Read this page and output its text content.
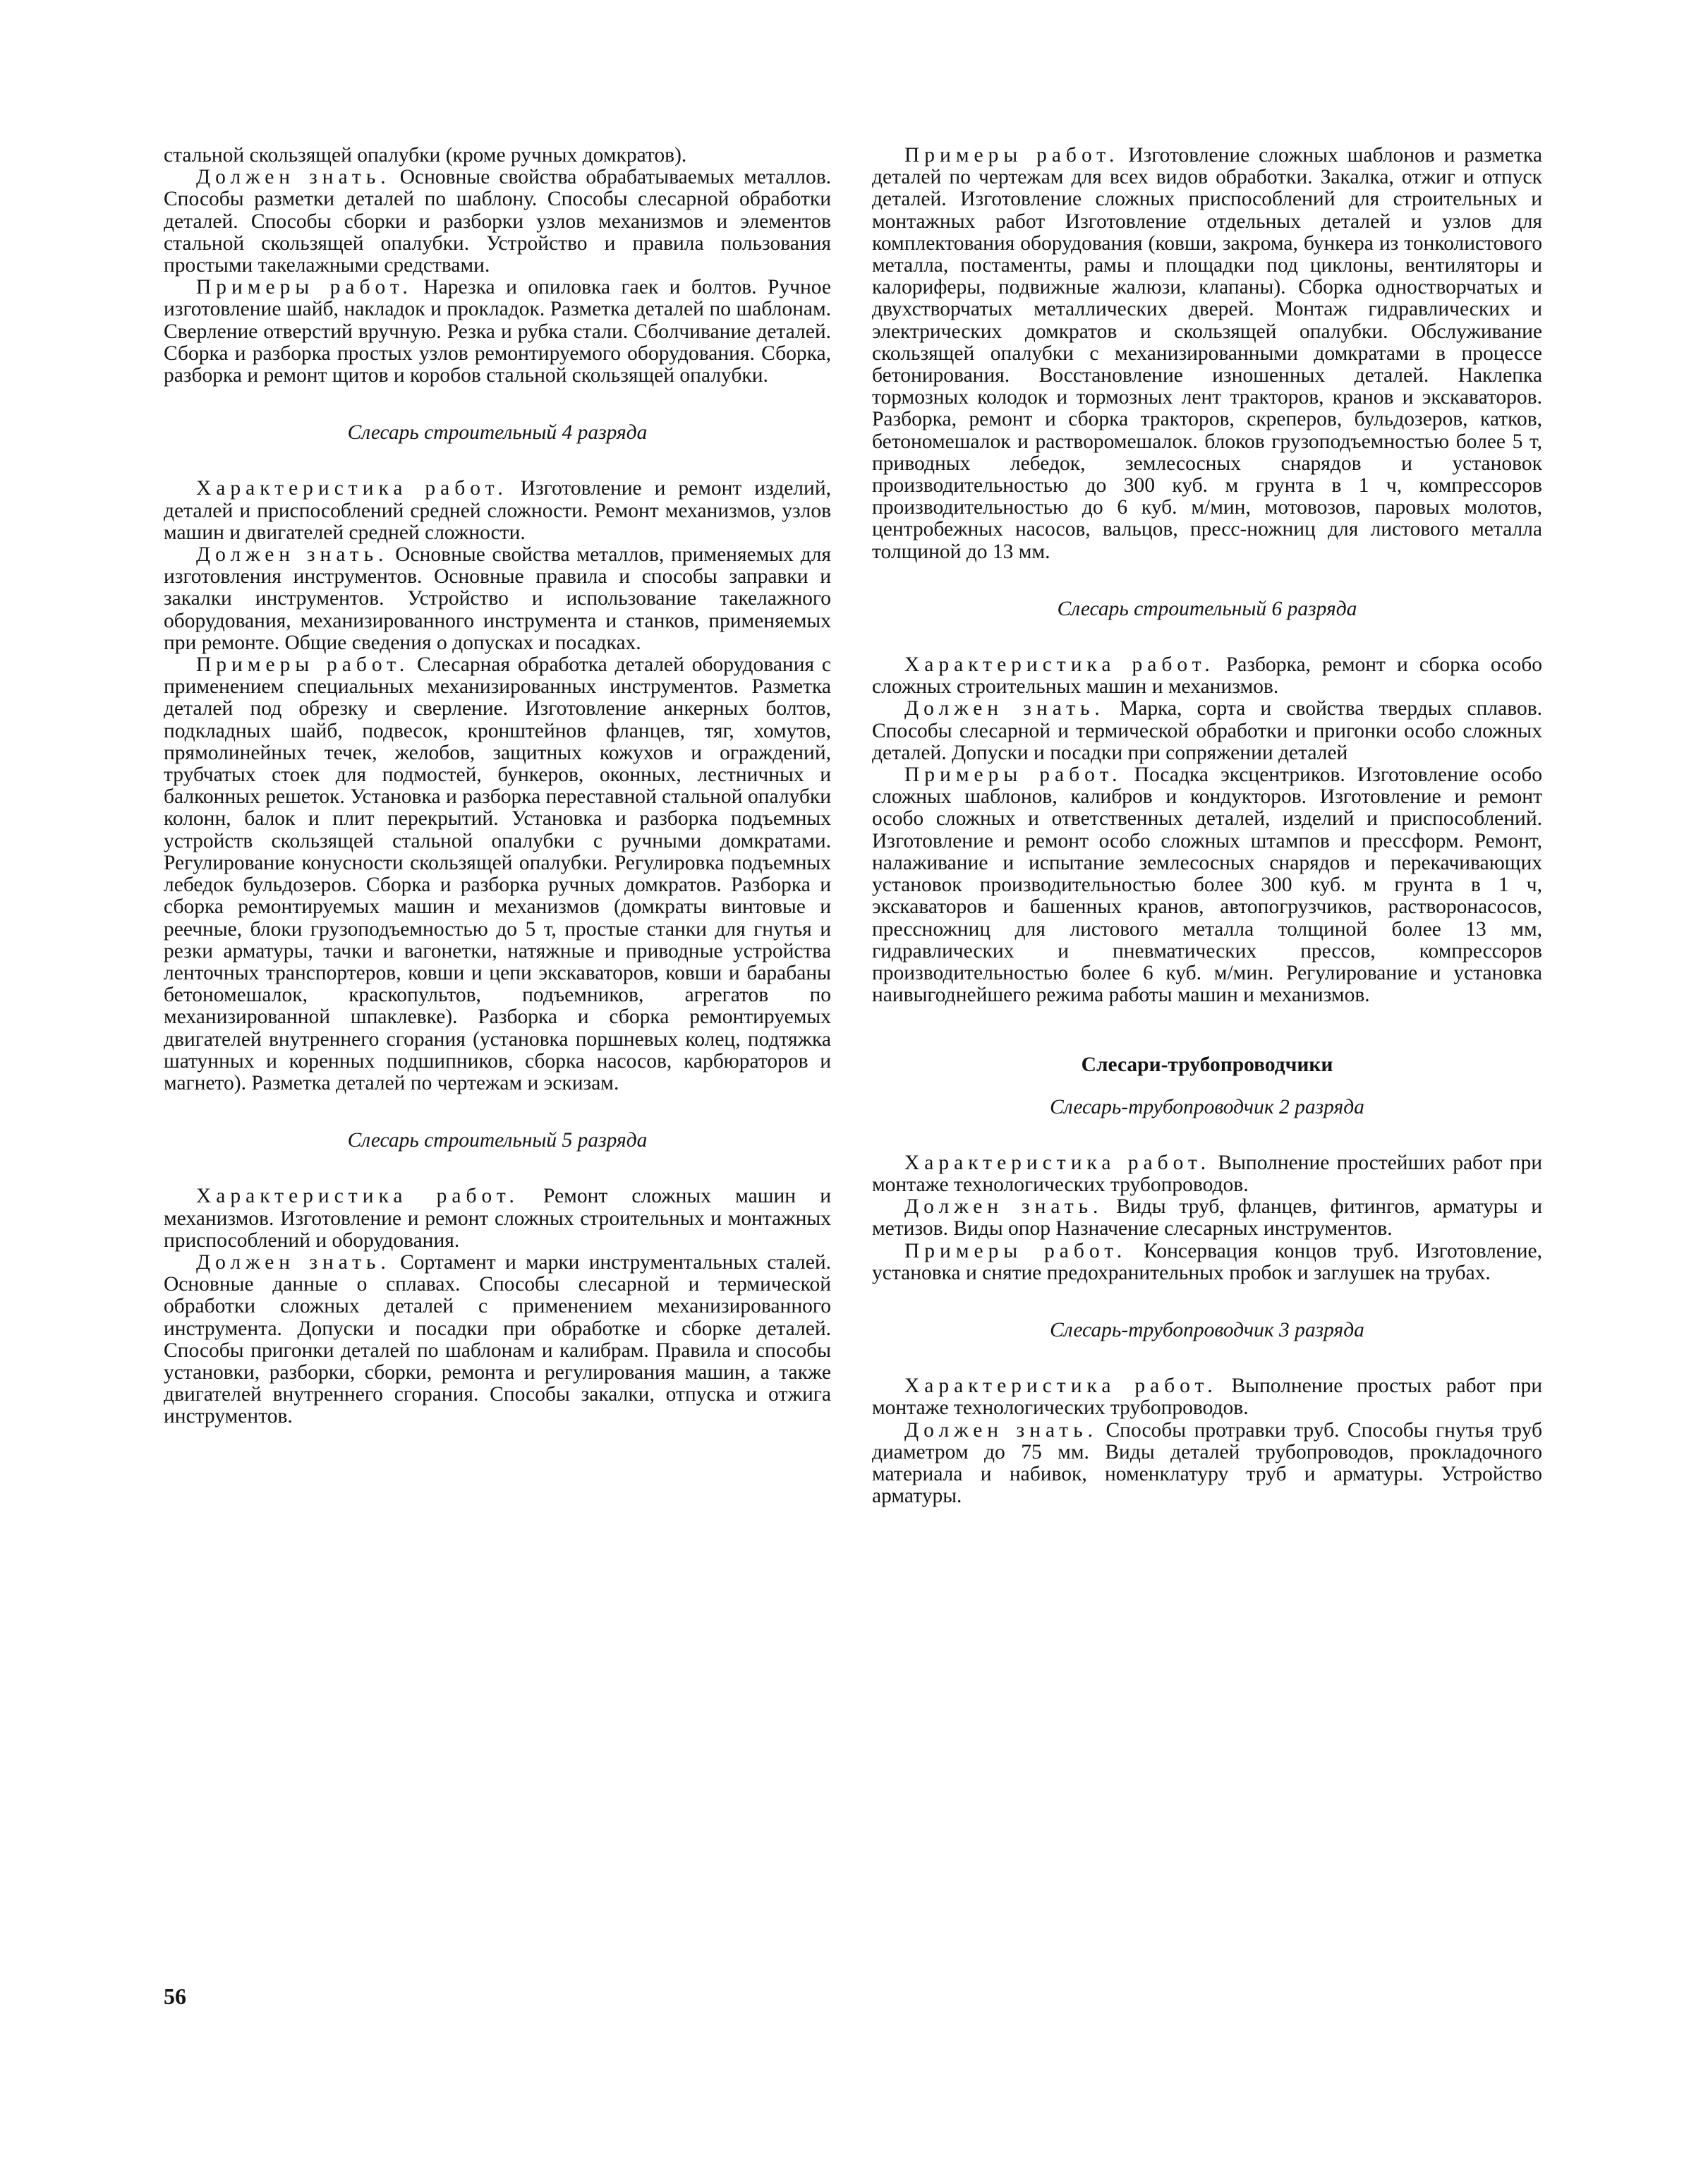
стальной скользящей опалубки (кроме ручных домкратов).

Должен знать. Основные свойства обрабатываемых металлов. Способы разметки деталей по шаблону. Способы слесарной обработки деталей. Способы сборки и разборки узлов механизмов и элементов стальной скользящей опалубки. Устройство и правила пользования простыми такелажными средствами.

Примеры работ. Нарезка и опиловка гаек и болтов. Ручное изготовление шайб, накладок и прокладок. Разметка деталей по шаблонам. Сверление отверстий вручную. Резка и рубка стали. Сболчивание деталей. Сборка и разборка простых узлов ремонтируемого оборудования. Сборка, разборка и ремонт щитов и коробов стальной скользящей опалубки.

Слесарь строительный 4 разряда

Характеристика работ. Изготовление и ремонт изделий, деталей и приспособлений средней сложности. Ремонт механизмов, узлов машин и двигателей средней сложности.

Должен знать. Основные свойства металлов, применяемых для изготовления инструментов. Основные правила и способы заправки и закалки инструментов. Устройство и использование такелажного оборудования, механизированного инструмента и станков, применяемых при ремонте. Общие сведения о допусках и посадках.

Примеры работ. Слесарная обработка деталей оборудования с применением специальных механизированных инструментов. Разметка деталей под обрезку и сверление. Изготовление анкерных болтов, подкладных шайб, подвесок, кронштейнов фланцев, тяг, хомутов, прямолинейных течек, желобов, защитных кожухов и ограждений, трубчатых стоек для подмостей, бункеров, оконных, лестничных и балконных решеток. Установка и разборка переставной стальной опалубки колонн, балок и плит перекрытий. Установка и разборка подъемных устройств скользящей стальной опалубки с ручными домкратами. Регулирование конусности скользящей опалубки. Регулировка подъемных лебедок бульдозеров. Сборка и разборка ручных домкратов. Разборка и сборка ремонтируемых машин и механизмов (домкраты винтовые и реечные, блоки грузоподъемностью до 5 т, простые станки для гнутья и резки арматуры, тачки и вагонетки, натяжные и приводные устройства ленточных транспортеров, ковши и цепи экскаваторов, ковши и барабаны бетономешалок, краскопультов, подъемников, агрегатов по механизированной шпаклевке). Разборка и сборка ремонтируемых двигателей внутреннего сгорания (установка поршневых колец, подтяжка шатунных и коренных подшипников, сборка насосов, карбюраторов и магнето). Разметка деталей по чертежам и эскизам.

Слесарь строительный 5 разряда

Характеристика работ. Ремонт сложных машин и механизмов. Изготовление и ремонт сложных строительных и монтажных приспособлений и оборудования.

Должен знать. Сортамент и марки инструментальных сталей. Основные данные о сплавах. Способы слесарной и термической обработки сложных деталей с применением механизированного инструмента. Допуски и посадки при обработке и сборке деталей. Способы пригонки деталей по шаблонам и калибрам. Правила и способы установки, разборки, сборки, ремонта и регулирования машин, а также двигателей внутреннего сгорания. Способы закалки, отпуска и отжига инструментов.

Примеры работ. Изготовление сложных шаблонов и разметка деталей по чертежам для всех видов обработки. Закалка, отжиг и отпуск деталей. Изготовление сложных приспособлений для строительных и монтажных работ Изготовление отдельных деталей и узлов для комплектования оборудования (ковши, закрома, бункера из тонколистового металла, постаменты, рамы и площадки под циклоны, вентиляторы и калориферы, подвижные жалюзи, клапаны). Сборка одностворчатых и двухстворчатых металлических дверей. Монтаж гидравлических и электрических домкратов и скользящей опалубки. Обслуживание скользящей опалубки с механизированными домкратами в процессе бетонирования. Восстановление изношенных деталей. Наклепка тормозных колодок и тормозных лент тракторов, кранов и экскаваторов. Разборка, ремонт и сборка тракторов, скреперов, бульдозеров, катков, бетономешалок и растворомешалок. блоков грузоподъемностью более 5 т, приводных лебедок, землесосных снарядов и установок производительностью до 300 куб. м грунта в 1 ч, компрессоров производительностью до 6 куб. м/мин, мотовозов, паровых молотов, центробежных насосов, вальцов, пресс-ножниц для листового металла толщиной до 13 мм.

Слесарь строительный 6 разряда

Характеристика работ. Разборка, ремонт и сборка особо сложных строительных машин и механизмов.

Должен знать. Марка, сорта и свойства твердых сплавов. Способы слесарной и термической обработки и пригонки особо сложных деталей. Допуски и посадки при сопряжении деталей

Примеры работ. Посадка эксцентриков. Изготовление особо сложных шаблонов, калибров и кондукторов. Изготовление и ремонт особо сложных и ответственных деталей, изделий и приспособлений. Изготовление и ремонт особо сложных штампов и прессформ. Ремонт, налаживание и испытание землесосных снарядов и перекачивающих установок производительностью более 300 куб. м грунта в 1 ч, экскаваторов и башенных кранов, автопогрузчиков, растворонасосов, прессножниц для листового металла толщиной более 13 мм, гидравлических и пневматических прессов, компрессоров производительностью более 6 куб. м/мин. Регулирование и установка наивыгоднейшего режима работы машин и механизмов.

Слесари-трубопроводчики

Слесарь-трубопроводчик 2 разряда

Характеристика работ. Выполнение простейших работ при монтаже технологических трубопроводов.

Должен знать. Виды труб, фланцев, фитингов, арматуры и метизов. Виды опор Назначение слесарных инструментов.

Примеры работ. Консервация концов труб. Изготовление, установка и снятие предохранительных пробок и заглушек на трубах.

Слесарь-трубопроводчик 3 разряда

Характеристика работ. Выполнение простых работ при монтаже технологических трубопроводов.

Должен знать. Способы протравки труб. Способы гнутья труб диаметром до 75 мм. Виды деталей трубопроводов, прокладочного материала и набивок, номенклатуру труб и арматуры. Устройство арматуры.

56
